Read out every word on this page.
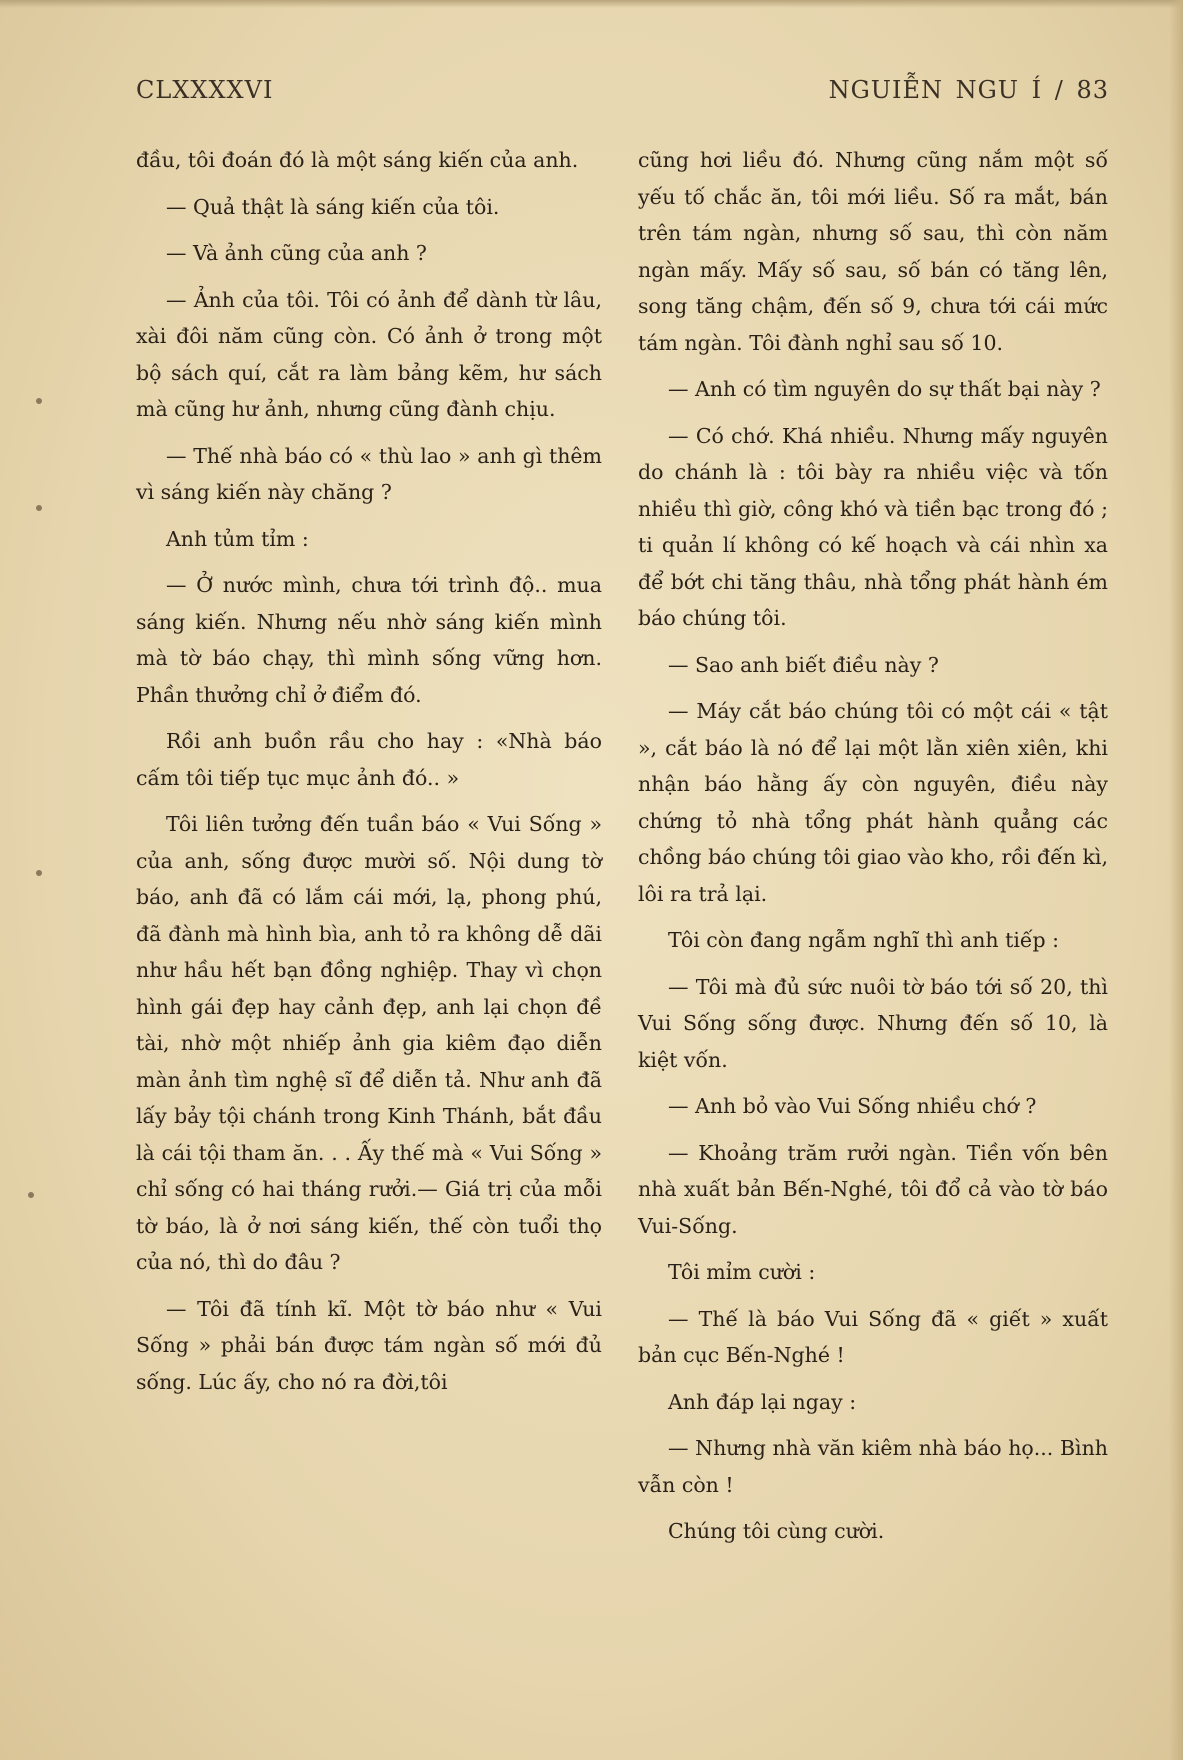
CLXXXXVI	NGUIỄN NGU Í / 83

đầu, tôi đoán đó là một sáng kiến của anh.

— Quả thật là sáng kiến của tôi.

— Và ảnh cũng của anh ?

— Ảnh của tôi. Tôi có ảnh để dành từ lâu, xài đôi năm cũng còn. Có ảnh ở trong một bộ sách quí, cắt ra làm bảng kẽm, hư sách mà cũng hư ảnh, nhưng cũng đành chịu.

— Thế nhà báo có « thù lao » anh gì thêm vì sáng kiến này chăng ?

Anh tủm tỉm :

— Ở nước mình, chưa tới trình độ.. mua sáng kiến. Nhưng nếu nhờ sáng kiến mình mà tờ báo chạy, thì mình sống vững hơn. Phần thưởng chỉ ở điểm đó.

Rồi anh buồn rầu cho hay : «Nhà báo cấm tôi tiếp tục mục ảnh đó.. »

Tôi liên tưởng đến tuần báo « Vui Sống » của anh, sống được mười số. Nội dung tờ báo, anh đã có lắm cái mới, lạ, phong phú, đã đành mà hình bìa, anh tỏ ra không dễ dãi như hầu hết bạn đồng nghiệp. Thay vì chọn hình gái đẹp hay cảnh đẹp, anh lại chọn đề tài, nhờ một nhiếp ảnh gia kiêm đạo diễn màn ảnh tìm nghệ sĩ để diễn tả. Như anh đã lấy bảy tội chánh trong Kinh Thánh, bắt đầu là cái tội tham ăn. . . Ấy thế mà « Vui Sống » chỉ sống có hai tháng rưởi.— Giá trị của mỗi tờ báo, là ở nơi sáng kiến, thế còn tuổi thọ của nó, thì do đâu ?

— Tôi đã tính kĩ. Một tờ báo như « Vui Sống » phải bán được tám ngàn số mới đủ sống. Lúc ấy, cho nó ra đời,tôi

cũng hơi liều đó. Nhưng cũng nắm một số yếu tố chắc ăn, tôi mới liều. Số ra mắt, bán trên tám ngàn, nhưng số sau, thì còn năm ngàn mấy. Mấy số sau, số bán có tăng lên, song tăng chậm, đến số 9, chưa tới cái mức tám ngàn. Tôi đành nghỉ sau số 10.

— Anh có tìm nguyên do sự thất bại này ?

— Có chớ. Khá nhiều. Nhưng mấy nguyên do chánh là : tôi bày ra nhiều việc và tốn nhiều thì giờ, công khó và tiền bạc trong đó ; ti quản lí không có kế hoạch và cái nhìn xa để bớt chi tăng thâu, nhà tổng phát hành ém báo chúng tôi.

— Sao anh biết điều này ?

— Máy cắt báo chúng tôi có một cái « tật », cắt báo là nó để lại một lằn xiên xiên, khi nhận báo hằng ấy còn nguyên, điều này chứng tỏ nhà tổng phát hành quẳng các chồng báo chúng tôi giao vào kho, rồi đến kì, lôi ra trả lại.

Tôi còn đang ngẫm nghĩ thì anh tiếp :

— Tôi mà đủ sức nuôi tờ báo tới số 20, thì Vui Sống sống được. Nhưng đến số 10, là kiệt vốn.

— Anh bỏ vào Vui Sống nhiều chớ ?

— Khoảng trăm rưởi ngàn. Tiền vốn bên nhà xuất bản Bến-Nghé, tôi đổ cả vào tờ báo Vui-Sống.

Tôi mỉm cười :

— Thế là báo Vui Sống đã « giết » xuất bản cục Bến-Nghé !

Anh đáp lại ngay :

— Nhưng nhà văn kiêm nhà báo họ... Bình vẫn còn !

Chúng tôi cùng cười.
